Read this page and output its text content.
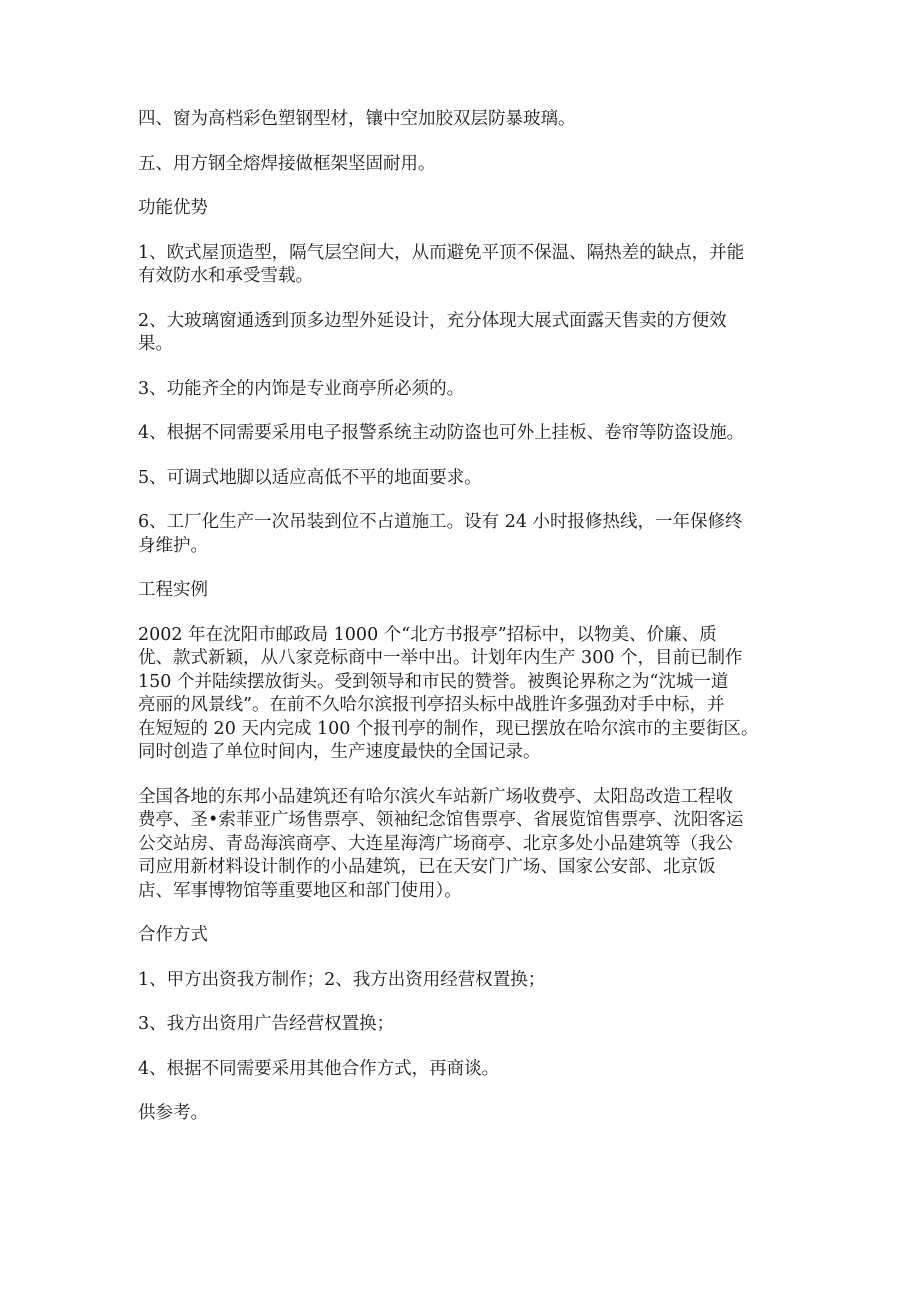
四、窗为高档彩色塑钢型材，镶中空加胶双层防暴玻璃。
五、用方钢全熔焊接做框架坚固耐用。
功能优势
1、欧式屋顶造型，隔气层空间大，从而避免平顶不保温、隔热差的缺点，并能
有效防水和承受雪载。
2、大玻璃窗通透到顶多边型外延设计，充分体现大展式面露天售卖的方便效
果。
3、功能齐全的内饰是专业商亭所必须的。
4、根据不同需要采用电子报警系统主动防盗也可外上挂板、卷帘等防盗设施。
5、可调式地脚以适应高低不平的地面要求。
6、工厂化生产一次吊装到位不占道施工。设有 24 小时报修热线，一年保修终
身维护。
工程实例
2002 年在沈阳市邮政局 1000 个“北方书报亭”招标中，以物美、价廉、质
优、款式新颖，从八家竞标商中一举中出。计划年内生产 300 个，目前已制作
150 个并陆续摆放街头。受到领导和市民的赞誉。被舆论界称之为“沈城一道
亮丽的风景线”。在前不久哈尔滨报刊亭招头标中战胜许多强劲对手中标，并
在短短的 20 天内完成 100 个报刊亭的制作，现已摆放在哈尔滨市的主要街区。
同时创造了单位时间内，生产速度最快的全国记录。
全国各地的东邦小品建筑还有哈尔滨火车站新广场收费亭、太阳岛改造工程收
费亭、圣•索菲亚广场售票亭、领袖纪念馆售票亭、省展览馆售票亭、沈阳客运
公交站房、青岛海滨商亭、大连星海湾广场商亭、北京多处小品建筑等（我公
司应用新材料设计制作的小品建筑，已在天安门广场、国家公安部、北京饭
店、军事博物馆等重要地区和部门使用）。
合作方式
1、甲方出资我方制作；2、我方出资用经营权置换；
3、我方出资用广告经营权置换；
4、根据不同需要采用其他合作方式，再商谈。
供参考。
